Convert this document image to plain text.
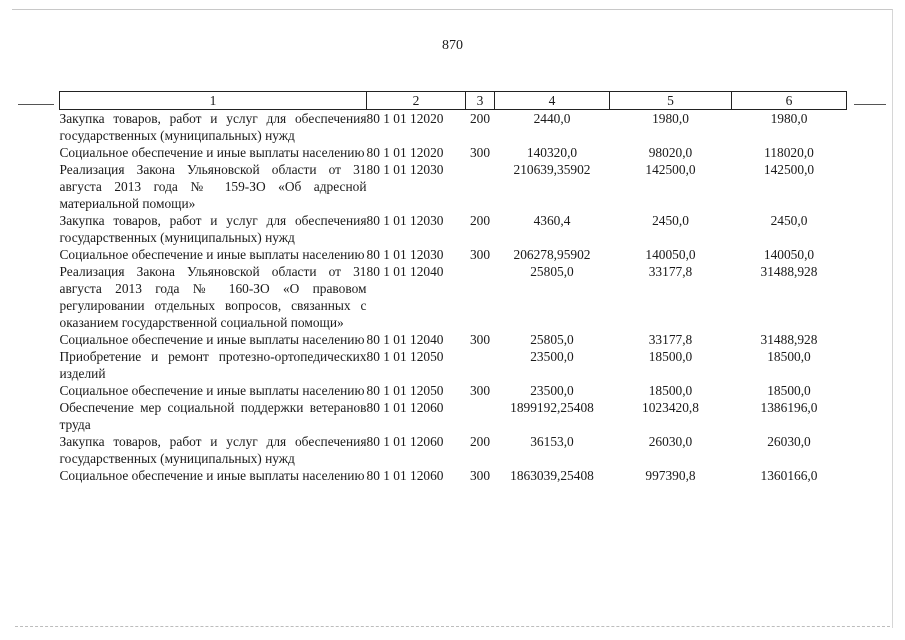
870
1	2	3	4	5	6
Закупка товаров, работ и услуг для обеспечения государственных (муниципальных) нужд	80 1 01 12020	200	2440,0	1980,0	1980,0
Социальное обеспечение и иные выплаты населению	80 1 01 12020	300	140320,0	98020,0	118020,0
Реализация Закона Ульяновской области от 31 августа 2013 года № 159-ЗО «Об адресной материальной помощи»	80 1 01 12030		210639,35902	142500,0	142500,0
Закупка товаров, работ и услуг для обеспечения государственных (муниципальных) нужд	80 1 01 12030	200	4360,4	2450,0	2450,0
Социальное обеспечение и иные выплаты населению	80 1 01 12030	300	206278,95902	140050,0	140050,0
Реализация Закона Ульяновской области от 31 августа 2013 года № 160-ЗО «О правовом регулировании отдельных вопросов, связанных с оказанием государственной социальной помощи»	80 1 01 12040		25805,0	33177,8	31488,928
Социальное обеспечение и иные выплаты населению	80 1 01 12040	300	25805,0	33177,8	31488,928
Приобретение и ремонт протезно-ортопедических изделий	80 1 01 12050		23500,0	18500,0	18500,0
Социальное обеспечение и иные выплаты населению	80 1 01 12050	300	23500,0	18500,0	18500,0
Обеспечение мер социальной поддержки ветеранов труда	80 1 01 12060		1899192,25408	1023420,8	1386196,0
Закупка товаров, работ и услуг для обеспечения государственных (муниципальных) нужд	80 1 01 12060	200	36153,0	26030,0	26030,0
Социальное обеспечение и иные выплаты населению	80 1 01 12060	300	1863039,25408	997390,8	1360166,0
